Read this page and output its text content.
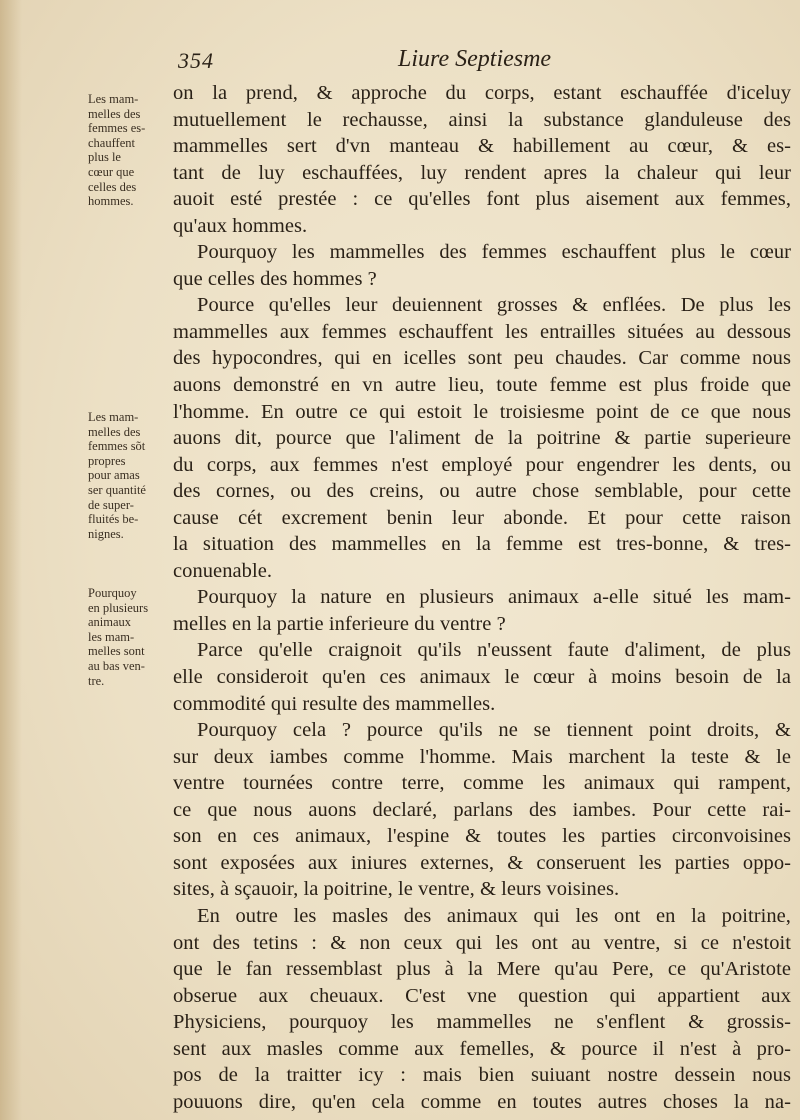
354	Liure Septiesme
Les mam-
melles des
femmes es-
chauffent
plus le
cœur que
celles des
hommes.
Les mam-
melles des
femmes sõt
propres
pour amas
ser quantité
de super-
fluités be-
nignes.
Pourquoy
en plusieurs
animaux
les mam-
melles sont
au bas ven-
tre.
on la prend, & approche du corps, estant eschauffée d'iceluy
mutuellement le rechausse, ainsi la substance glanduleuse des
mammelles sert d'vn manteau & habillement au cœur, & es-
tant de luy eschauffées, luy rendent apres la chaleur qui leur
auoit esté prestée : ce qu'elles font plus aisement aux femmes,
qu'aux hommes.
Pourquoy les mammelles des femmes eschauffent plus le cœur
que celles des hommes ?
Pource qu'elles leur deuiennent grosses & enflées. De plus les
mammelles aux femmes eschauffent les entrailles situées au dessous
des hypocondres, qui en icelles sont peu chaudes. Car comme nous
auons demonstré en vn autre lieu, toute femme est plus froide que
l'homme. En outre ce qui estoit le troisiesme point de ce que nous
auons dit, pource que l'aliment de la poitrine & partie superieure
du corps, aux femmes n'est employé pour engendrer les dents, ou
des cornes, ou des creins, ou autre chose semblable, pour cette
cause cét excrement benin leur abonde. Et pour cette raison
la situation des mammelles en la femme est tres-bonne, & tres-
conuenable.
Pourquoy la nature en plusieurs animaux a-elle situé les mam-
melles en la partie inferieure du ventre ?
Parce qu'elle craignoit qu'ils n'eussent faute d'aliment, de plus
elle consideroit qu'en ces animaux le cœur à moins besoin de la
commodité qui resulte des mammelles.
Pourquoy cela ? pource qu'ils ne se tiennent point droits, &
sur deux iambes comme l'homme. Mais marchent la teste & le
ventre tournées contre terre, comme les animaux qui rampent,
ce que nous auons declaré, parlans des iambes. Pour cette rai-
son en ces animaux, l'espine & toutes les parties circonvoisines
sont exposées aux iniures externes, & conseruent les parties oppo-
sites, à sçauoir, la poitrine, le ventre, & leurs voisines.
En outre les masles des animaux qui les ont en la poitrine,
ont des tetins : & non ceux qui les ont au ventre, si ce n'estoit
que le fan ressemblast plus à la Mere qu'au Pere, ce qu'Aristote
obserue aux cheuaux. C'est vne question qui appartient aux
Physiciens, pourquoy les mammelles ne s'enflent & grossis-
sent aux masles comme aux femelles, & pource il n'est à pro-
pos de la traitter icy : mais bien suiuant nostre dessein nous
pouuons dire, qu'en cela comme en toutes autres choses la na-
